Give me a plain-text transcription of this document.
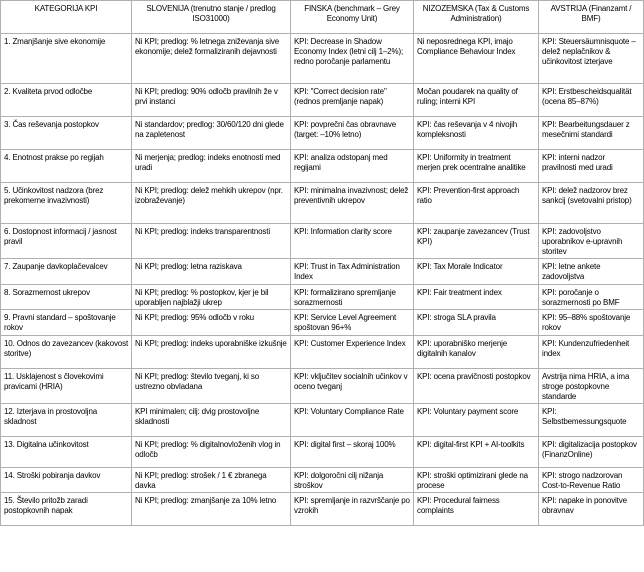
KATEGORIJA KPI	SLOVENIJA (trenutno stanje / predlog ISO31000)	FINSKA (benchmark – Grey Economy Unit)	NIZOZEMSKA (Tax & Customs Administration)	AVSTRIJA (Finanzamt / BMF)
1. Zmanjšanje sive ekonomije	Ni KPI; predlog: % letnega zniževanja sive ekonomije; delež formaliziranih dejavnosti	KPI: Decrease in Shadow Economy Index (letni cilj 1–2%); redno poročanje parlamentu	Ni neposrednega KPI, imajo Compliance Behaviour Index	KPI: Steuersäumnisquote – delež neplačnikov & učinkovitost izterjave
2. Kvaliteta prvod odločbe	Ni KPI; predlog: 90% odločb pravilnih že v prvi instanci	KPI: "Correct decision rate" (rednos premljanje napak)	Močan poudarek na quality of ruling; interni KPI	KPI: Erstbescheidsqualität (ocena 85–87%)
3. Čas reševanja postopkov	Ni standardov; predlog: 30/60/120 dni glede na zapletenost	KPI: povprečni čas obravnave (target: –10% letno)	KPI: čas reševanja v 4 nivojih kompleksnosti	KPI: Bearbeitungsdauer z mesečnimi standardi
4. Enotnost prakse po regijah	Ni merjenja; predlog: indeks enotnosti med uradi	KPI: analiza odstopanj med regijami	KPI: Uniformity in treatment merjen prek ocentralne analitike	KPI: interni nadzor pravilnosti med uradi
5. Učinkovitost nadzora (brez prekomerne invazivnosti)	Ni KPI; predlog: delež mehkih ukrepov (npr. izobraževanje)	KPI: minimalna invazivnost; delež preventivnih ukrepov	KPI: Prevention-first approach ratio	KPI: delež nadzorov brez sankcij (svetovalni pristop)
6. Dostopnost informacij / jasnost pravil	Ni KPI; predlog: indeks transparentnosti	KPI: Information clarity score	KPI: zaupanje zavezancev (Trust KPI)	KPI: zadovoljstvo uporabnikov e-upravnih storitev
7. Zaupanje davkoplačevalcev	Ni KPI; predlog: letna raziskava	KPI: Trust in Tax Administration Index	KPI: Tax Morale Indicator	KPI: letne ankete zadovoljstva
8. Sorazmernost ukrepov	Ni KPI; predlog: % postopkov, kjer je bil uporabljen najblažji ukrep	KPI: formalizirano spremljanje sorazmernosti	KPI: Fair treatment index	KPI: poročanje o sorazmernosti po BMF
9. Pravni standard – spoštovanje rokov	Ni KPI; predlog: 95% odločb v roku	KPI: Service Level Agreement spoštovan 96+%	KPI: stroga SLA pravila	KPI: 95–88% spoštovanje rokov
10. Odnos do zavezancev (kakovost storitve)	Ni KPI; predlog: indeks uporabniške izkušnje	KPI: Customer Experience Index	KPI: uporabniško merjenje digitalnih kanalov	KPI: Kundenzufriedenheit index
11. Usklajenost s človekovimi pravicami (HRIA)	Ni KPI; predlog: število tveganj, ki so ustrezno obvladana	KPI: vključitev socialnih učinkov v oceno tveganj	KPI: ocena pravičnosti postopkov	Avstrija nima HRIA, a ima stroge postopkovne standarde
12. Izterjava in prostovoljna skladnost	KPI minimalen; cilj: dvig prostovoljne skladnosti	KPI: Voluntary Compliance Rate	KPI: Voluntary payment score	KPI: Selbstbemessungsquote
13. Digitalna učinkovitost	Ni KPI; predlog: % digitalnovloženih vlog in odločb	KPI: digital first – skoraj 100%	KPI: digital-first KPI + AI-toolkits	KPI: digitalizacija postopkov (FinanzOnline)
14. Stroški pobiranja davkov	Ni KPI; predlog: strošek / 1 € zbranega davka	KPI: dolgoročni cilj nižanja stroškov	KPI: stroški optimizirani glede na procese	KPI: strogo nadzorovan Cost-to-Revenue Ratio
15. Število pritožb zaradi postopkovnih napak	Ni KPI; predlog: zmanjšanje za 10% letno	KPI: spremljanje in razvrščanje po vzrokih	KPI: Procedural fairness complaints	KPI: napake in ponovitve obravnav
